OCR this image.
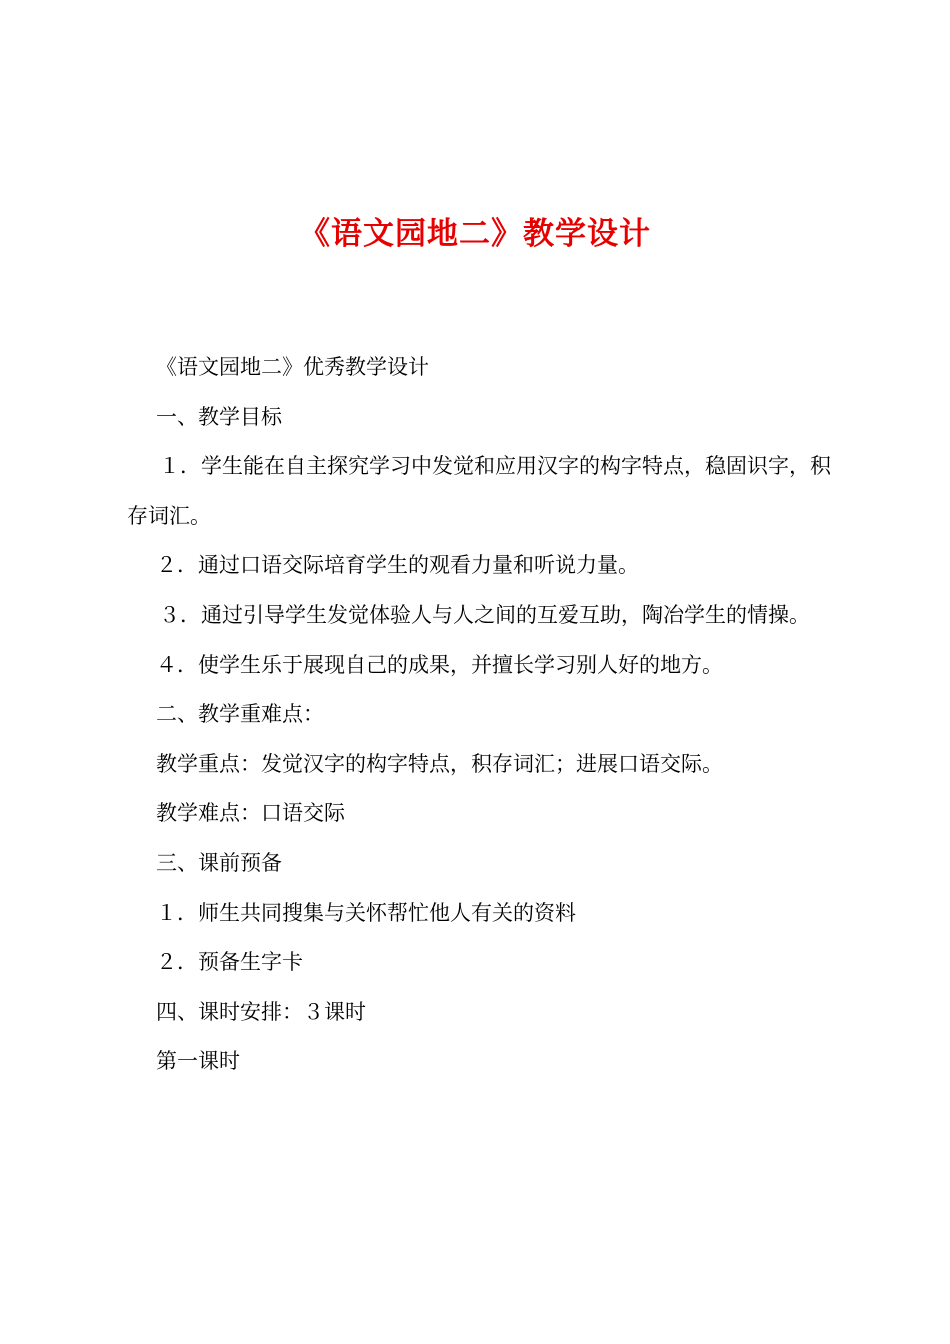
《语文园地二》教学设计

《语文园地二》优秀教学设计

一、教学目标

１．学生能在自主探究学习中发觉和应用汉字的构字特点，稳固识字，积存词汇。

２．通过口语交际培育学生的观看力量和听说力量。

３．通过引导学生发觉体验人与人之间的互爱互助，陶冶学生的情操。

４．使学生乐于展现自己的成果，并擅长学习别人好的地方。

二、教学重难点：

教学重点：发觉汉字的构字特点，积存词汇；进展口语交际。

教学难点：口语交际

三、课前预备

１．师生共同搜集与关怀帮忙他人有关的资料

２．预备生字卡

四、课时安排：３课时

第一课时
